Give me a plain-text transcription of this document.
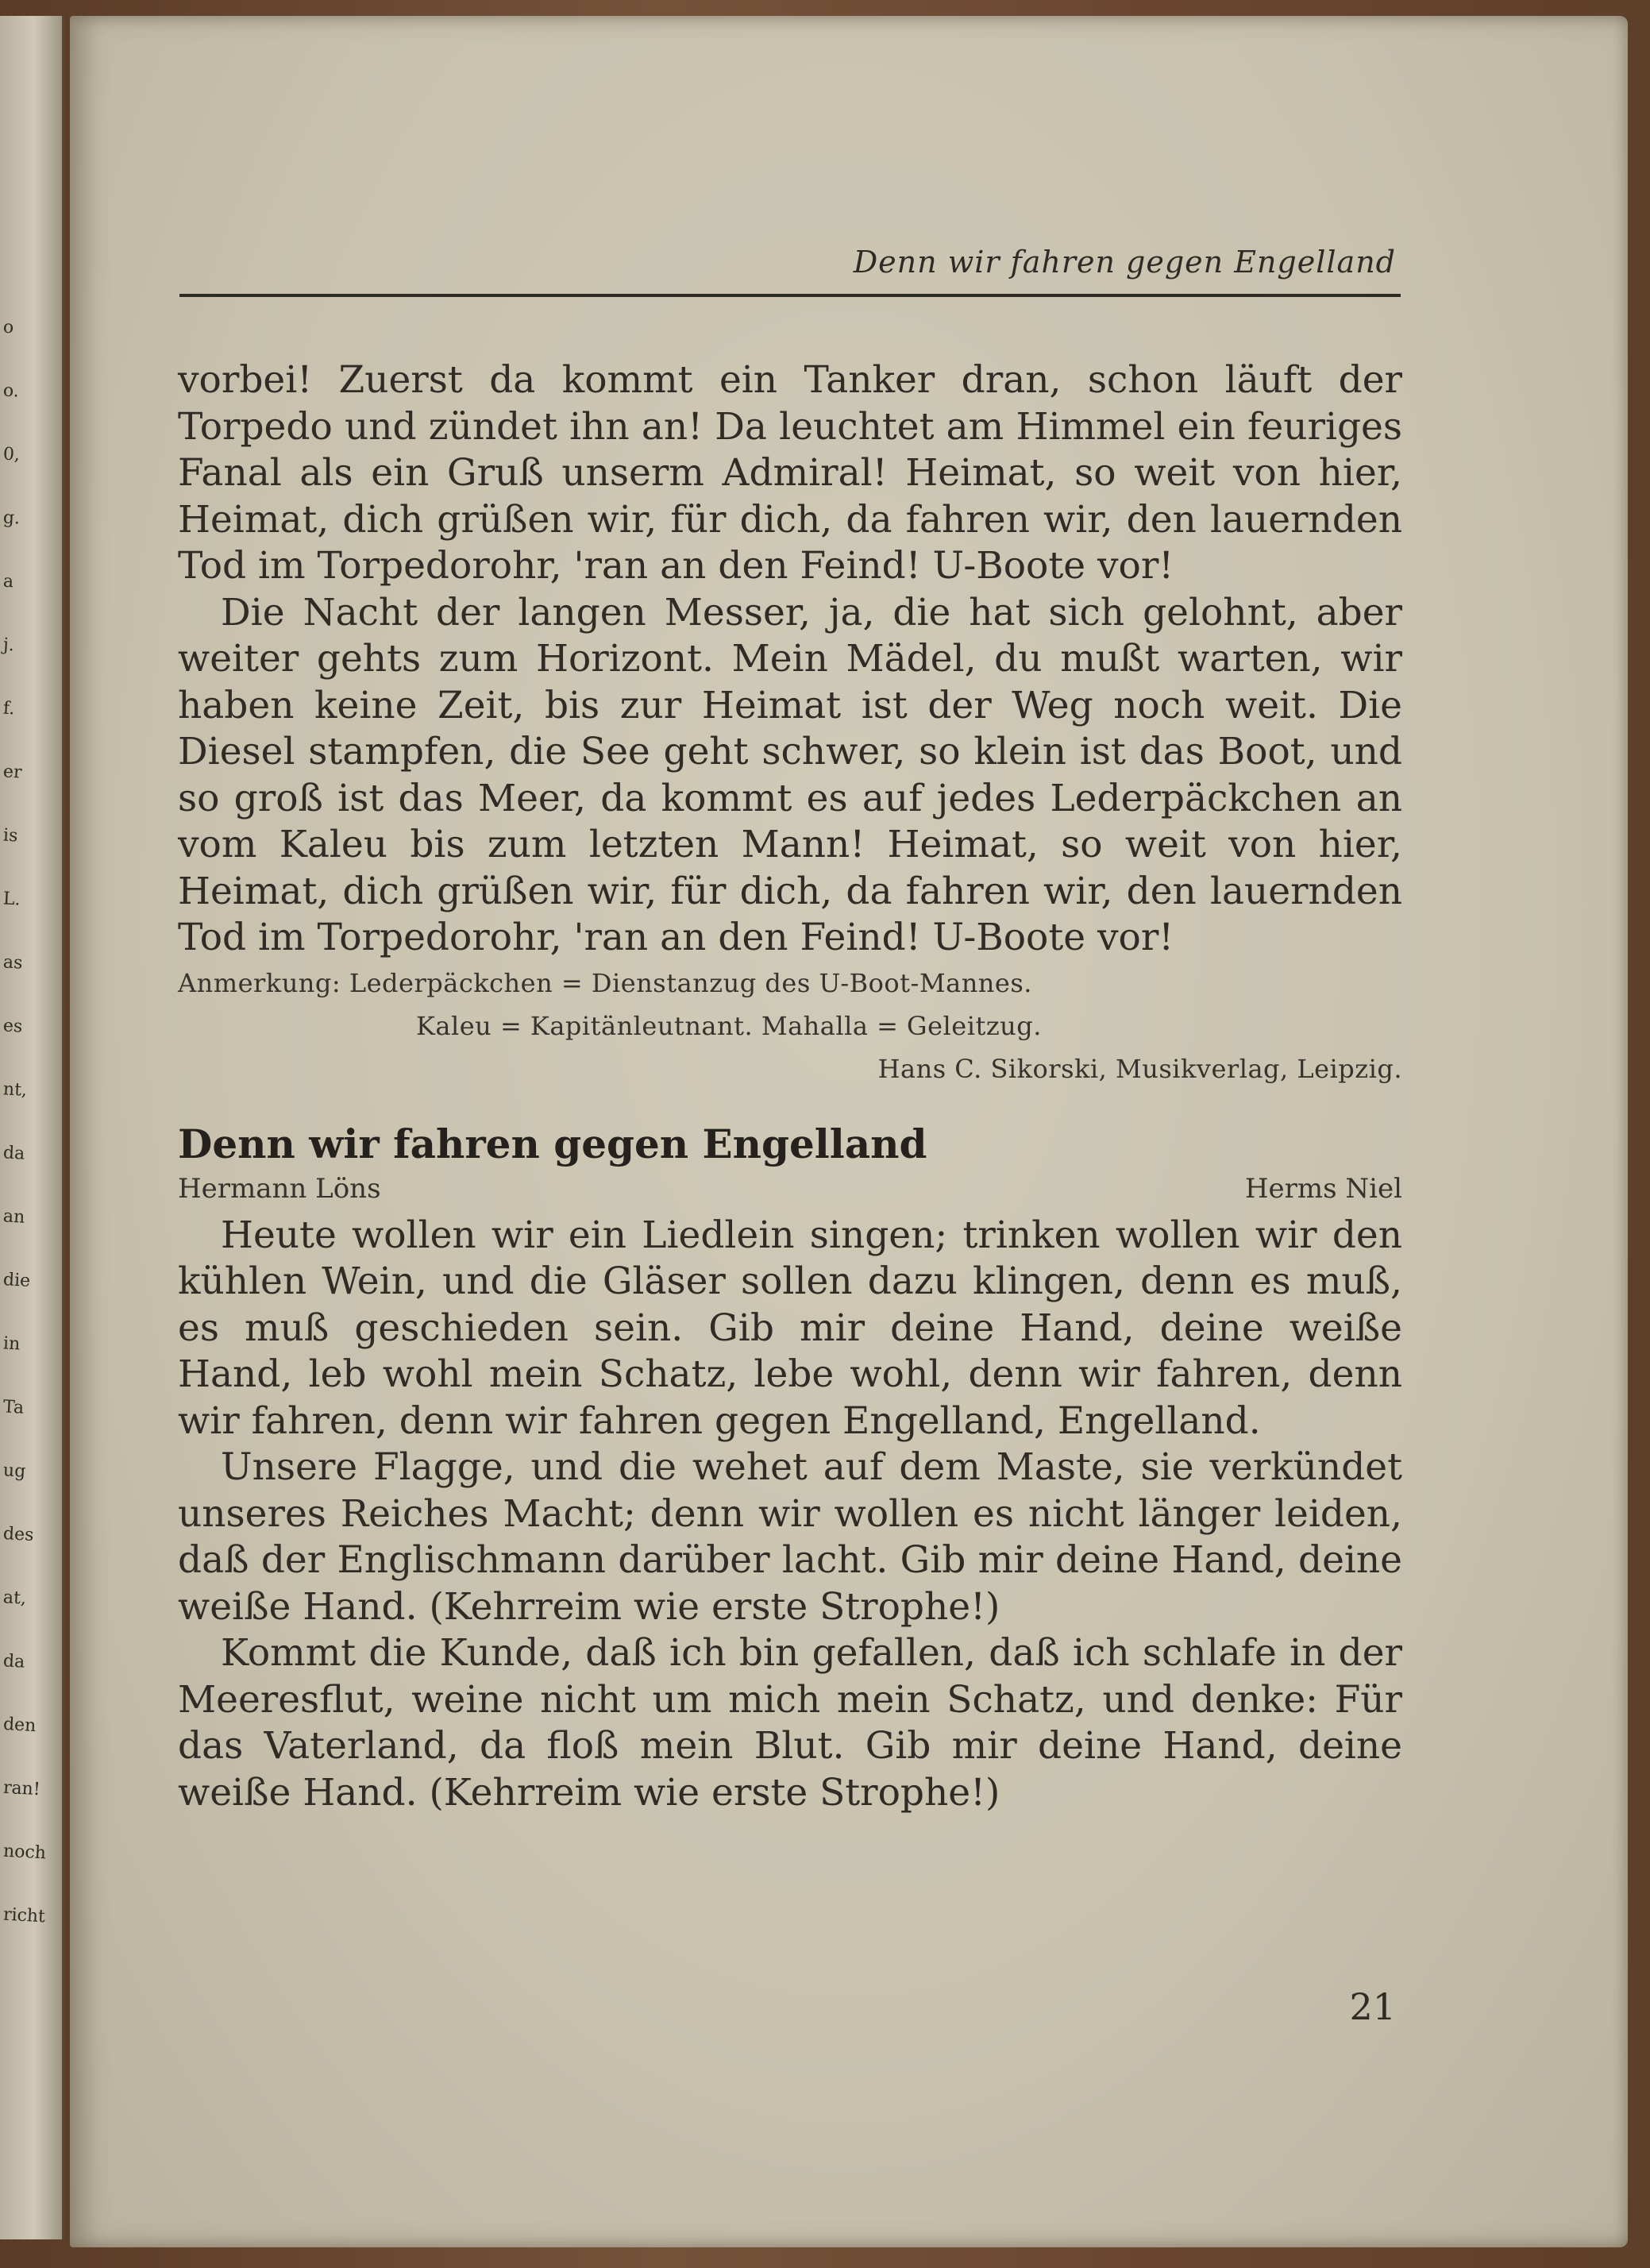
o
o.
0,
g.
a
j.
f.
er
is
L.
as
es
nt,
da
an
die
in
Ta
ug
des
at,
da
den
ran!
noch
richt
Denn wir fahren gegen Engelland

vorbei! Zuerst da kommt ein Tanker dran, schon läuft der Torpedo und zündet ihn an! Da leuchtet am Himmel ein feuriges Fanal als ein Gruß unserm Admiral! Heimat, so weit von hier, Heimat, dich grüßen wir, für dich, da fahren wir, den lauernden Tod im Torpedorohr, 'ran an den Feind! U-Boote vor!

Die Nacht der langen Messer, ja, die hat sich gelohnt, aber weiter gehts zum Horizont. Mein Mädel, du mußt warten, wir haben keine Zeit, bis zur Heimat ist der Weg noch weit. Die Diesel stampfen, die See geht schwer, so klein ist das Boot, und so groß ist das Meer, da kommt es auf jedes Lederpäckchen an vom Kaleu bis zum letzten Mann! Heimat, so weit von hier, Heimat, dich grüßen wir, für dich, da fahren wir, den lauernden Tod im Torpedorohr, 'ran an den Feind! U-Boote vor!

Anmerkung: Lederpäckchen = Dienstanzug des U-Boot-Mannes.
Kaleu = Kapitänleutnant. Mahalla = Geleitzug.
Hans C. Sikorski, Musikverlag, Leipzig.
Denn wir fahren gegen Engelland
Hermann Löns	Herms Niel

Heute wollen wir ein Liedlein singen; trinken wollen wir den kühlen Wein, und die Gläser sollen dazu klingen, denn es muß, es muß geschieden sein. Gib mir deine Hand, deine weiße Hand, leb wohl mein Schatz, lebe wohl, denn wir fahren, denn wir fahren, denn wir fahren gegen Engelland, Engelland.

Unsere Flagge, und die wehet auf dem Maste, sie verkündet unseres Reiches Macht; denn wir wollen es nicht länger leiden, daß der Englischmann darüber lacht. Gib mir deine Hand, deine weiße Hand. (Kehrreim wie erste Strophe!)

Kommt die Kunde, daß ich bin gefallen, daß ich schlafe in der Meeresflut, weine nicht um mich mein Schatz, und denke: Für das Vaterland, da floß mein Blut. Gib mir deine Hand, deine weiße Hand. (Kehrreim wie erste Strophe!)

21
